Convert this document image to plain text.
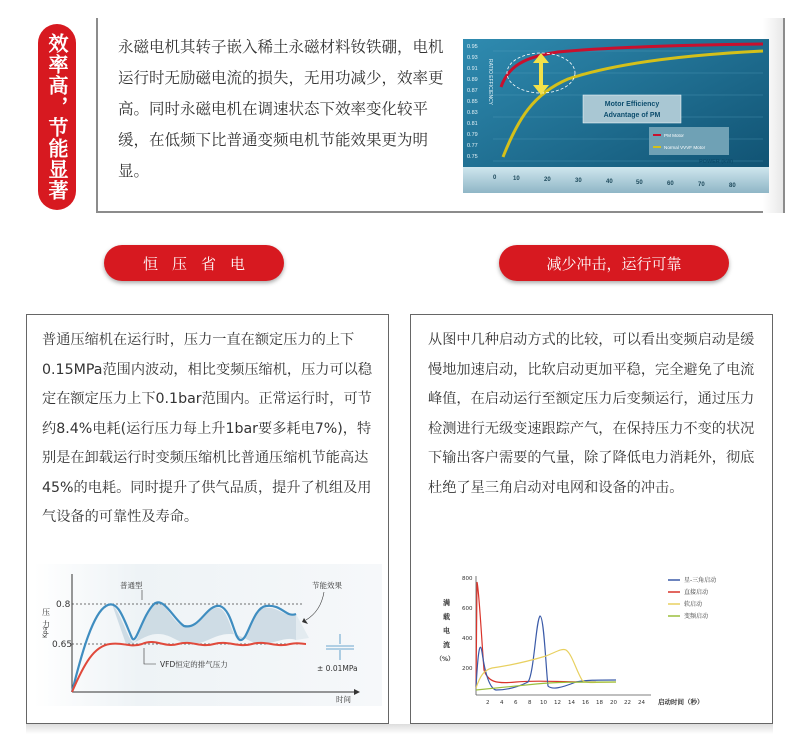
效率高，节能显著	永磁电机其转子嵌入稀土永磁材料钕铁硼，电机运行时无励磁电流的损失，无用功减少，效率更高。同时永磁电机在调速状态下效率变化较平缓，在低频下比普通变频电机节能效果更为明显。
0.95
0.93
0.91
0.89
0.87
0.85
0.83
0.81
0.79
0.77
0.75
RATIO EFFICIENCY	Motor Efficiency
Advantage of PM
PM Motor
Normal VVVF Motor
POWER (kW)
0	10	20	30	40	50	60	70	80
恒压省电	减少冲击，运行可靠
普通压缩机在运行时，压力一直在额定压力的上下0.15MPa范围内波动，相比变频压缩机，压力可以稳定在额定压力上下0.1bar范围内。正常运行时，可节约8.4%电耗(运行压力每上升1bar要多耗电7%)，特别是在卸载运行时变频压缩机比普通压缩机节能高达45%的电耗。同时提升了供气品质，提升了机组及用气设备的可靠性及寿命。
从图中几种启动方式的比较，可以看出变频启动是缓慢地加速启动，比软启动更加平稳，完全避免了电流峰值，在启动运行至额定压力后变频运行，通过压力检测进行无级变速跟踪产气，在保持压力不变的状况下输出客户需要的气量，除了降低电力消耗外，彻底杜绝了星三角启动对电网和设备的冲击。
压
力
Kpa
0.8
0.65
普通型	节能效果
± 0.01MPa
VFD恒定的排气压力
时间
满
载
电
流
（%）
800
600
400
200
2 4 6 8 10 12 14 16 18 20 22 24 启动时间（秒）
星-三角启动
直接启动
软启动
变频启动
